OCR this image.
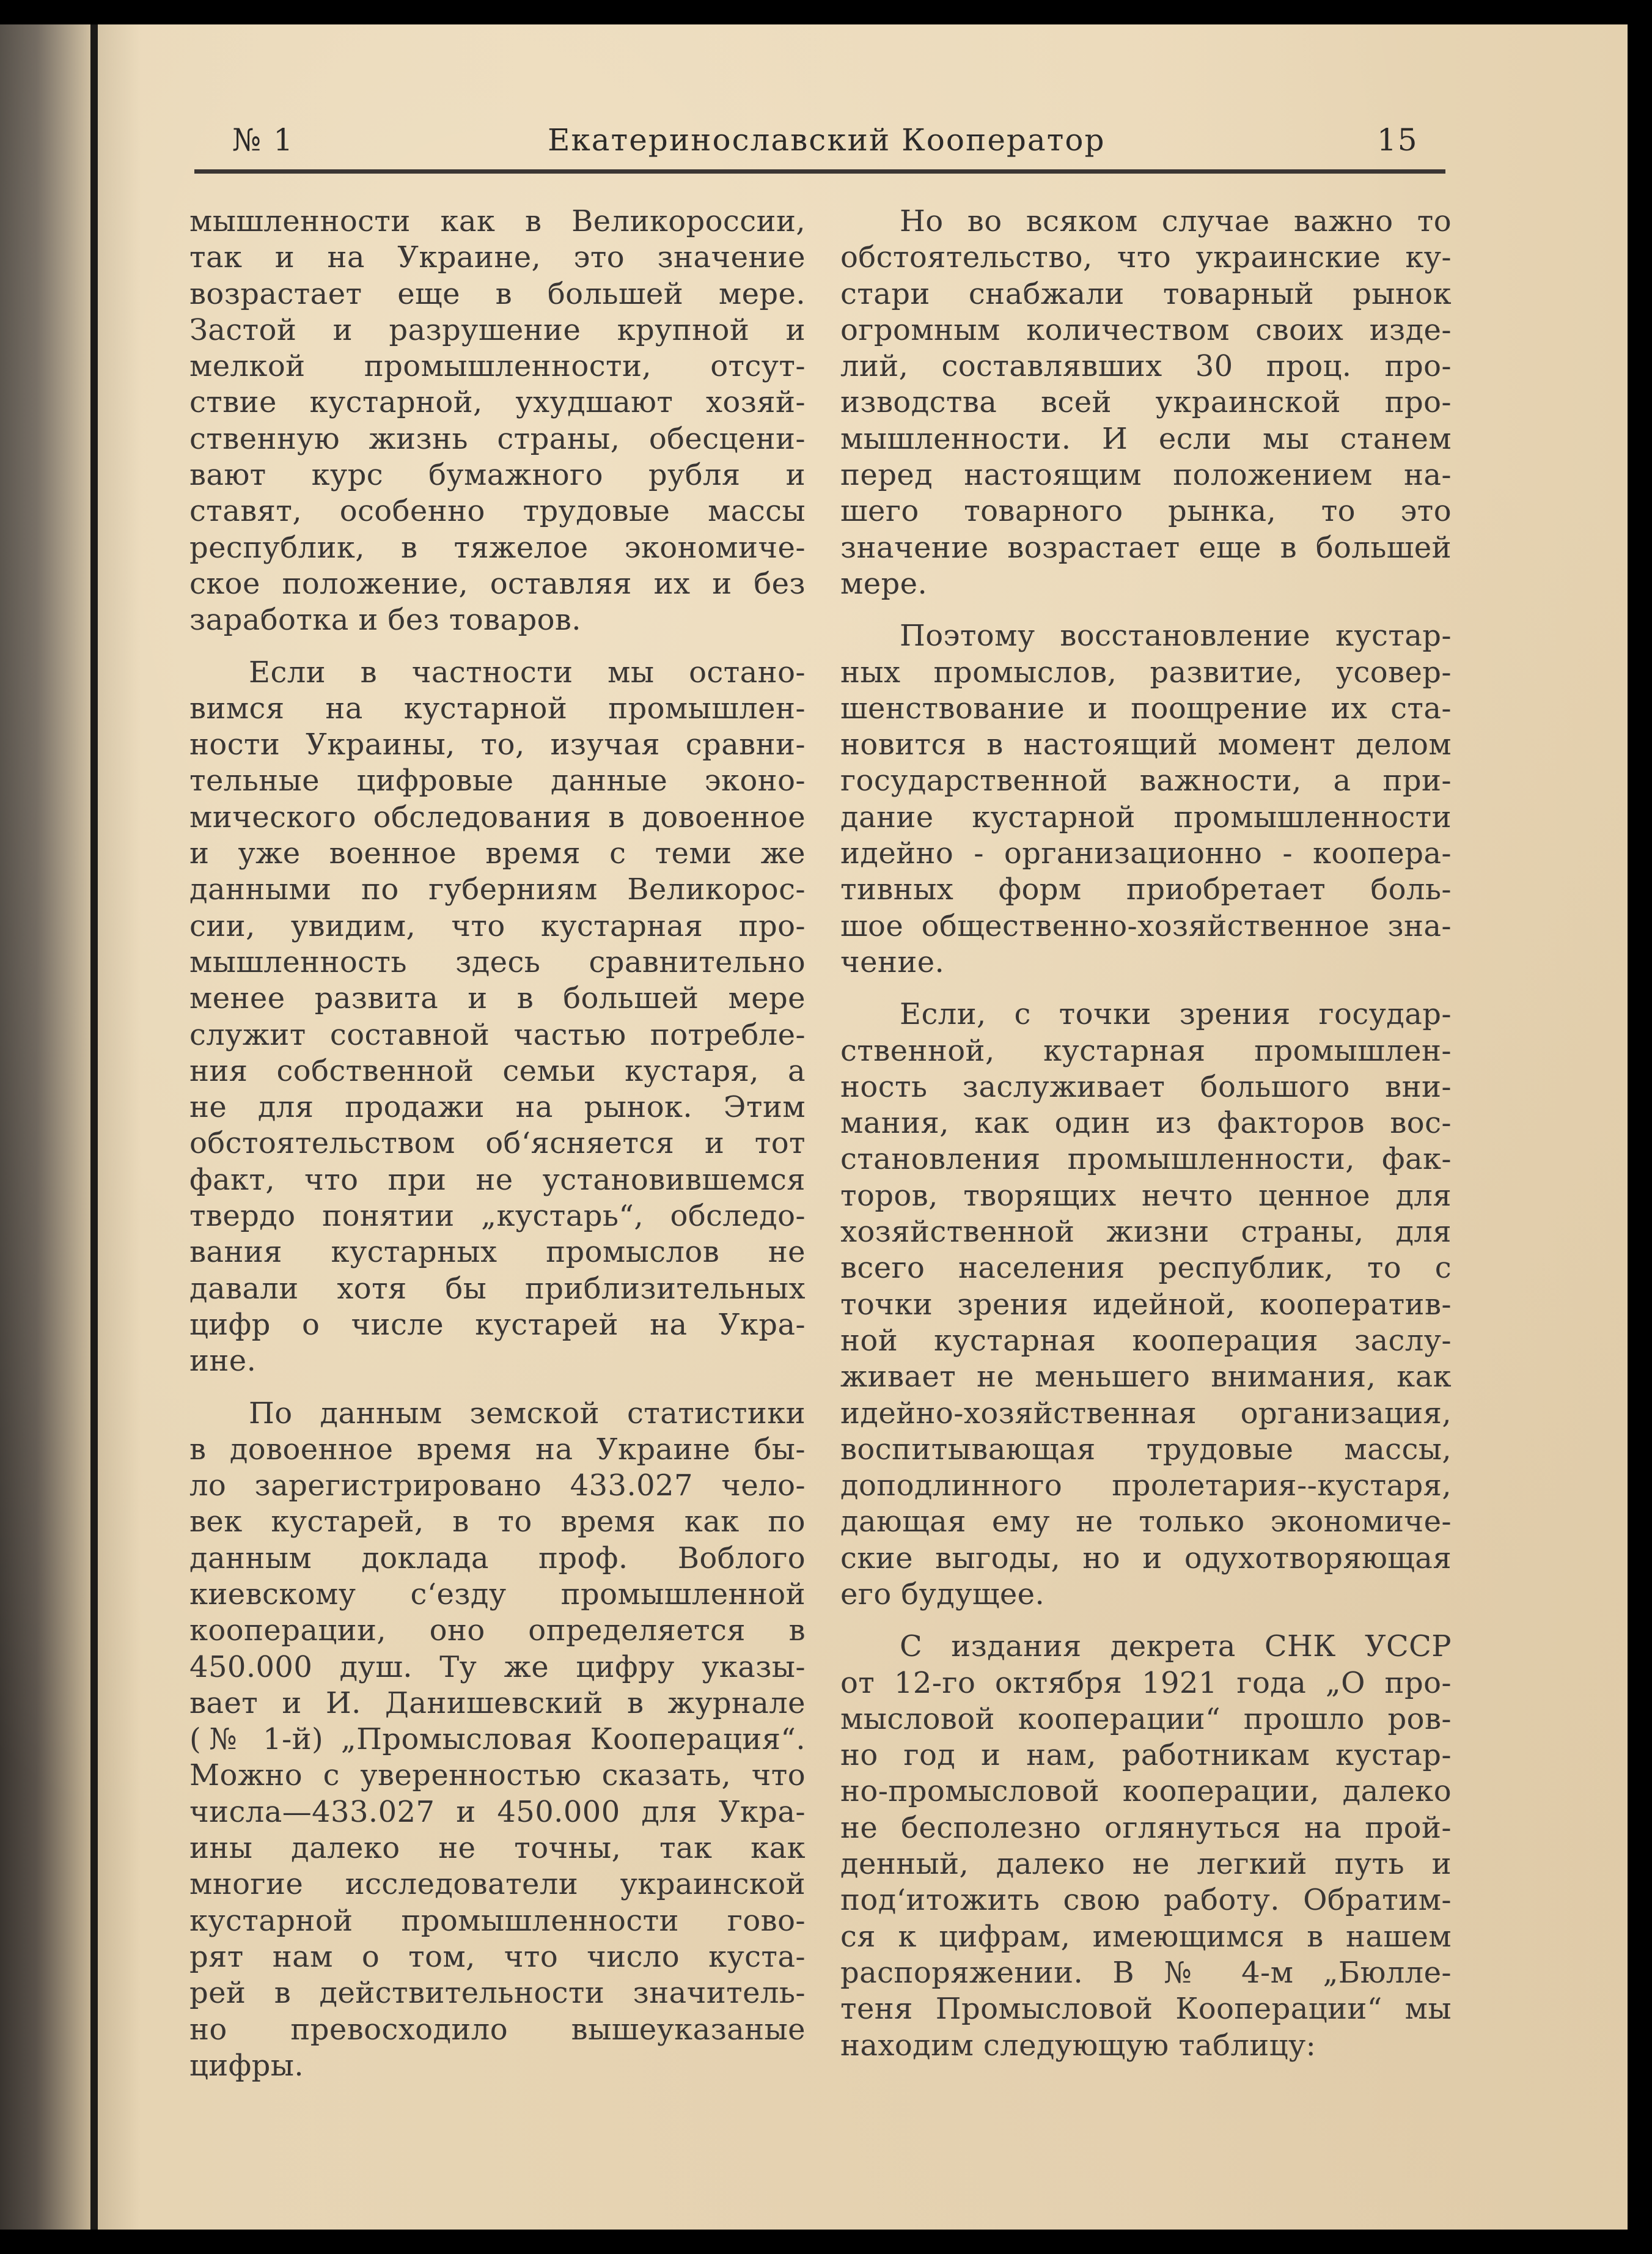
№ 1	Екатеринославский Кооператор	15
мышленности как в Великороссии,
так и на Украине, это значение
возрастает еще в большей мере.
Застой и разрушение крупной и
мелкой промышленности, отсут-
ствие кустарной, ухудшают хозяй-
ственную жизнь страны, обесцени-
вают курс бумажного рубля и
ставят, особенно трудовые массы
республик, в тяжелое экономиче-
ское положение, оставляя их и без
заработка и без товаров.
Если в частности мы остано-
вимся на кустарной промышлен-
ности Украины, то, изучая сравни-
тельные цифровые данные эконо-
мического обследования в довоенное
и уже военное время с теми же
данными по губерниям Великорос-
сии, увидим, что кустарная про-
мышленность здесь сравнительно
менее развита и в большей мере
служит составной частью потребле-
ния собственной семьи кустаря, а
не для продажи на рынок. Этим
обстоятельством об‘ясняется и тот
факт, что при не установившемся
твердо понятии „кустарь“, обследо-
вания кустарных промыслов не
давали хотя бы приблизительных
цифр о числе кустарей на Укра-
ине.
По данным земской статистики
в довоенное время на Украине бы-
ло зарегистрировано 433.027 чело-
век кустарей, в то время как по
данным доклада проф. Воблого
киевскому с‘езду промышленной
кооперации, оно определяется в
450.000 душ. Ту же цифру указы-
вает и И. Данишевский в журнале
(№ 1-й) „Промысловая Кооперация“.
Можно с уверенностью сказать, что
числа—433.027 и 450.000 для Укра-
ины далеко не точны, так как
многие исследователи украинской
кустарной промышленности гово-
рят нам о том, что число куста-
рей в действительности значитель-
но превосходило вышеуказаные
цифры.
Но во всяком случае важно то
обстоятельство, что украинские ку-
стари снабжали товарный рынок
огромным количеством своих изде-
лий, составлявших 30 проц. про-
изводства всей украинской про-
мышленности. И если мы станем
перед настоящим положением на-
шего товарного рынка, то это
значение возрастает еще в большей
мере.
Поэтому восстановление кустар-
ных промыслов, развитие, усовер-
шенствование и поощрение их ста-
новится в настоящий момент делом
государственной важности, а при-
дание кустарной промышленности
идейно - организационно - коопера-
тивных форм приобретает боль-
шое общественно-хозяйственное зна-
чение.
Если, с точки зрения государ-
ственной, кустарная промышлен-
ность заслуживает большого вни-
мания, как один из факторов вос-
становления промышленности, фак-
торов, творящих нечто ценное для
хозяйственной жизни страны, для
всего населения республик, то с
точки зрения идейной, кооператив-
ной кустарная кооперация заслу-
живает не меньшего внимания, как
идейно-хозяйственная организация,
воспитывающая трудовые массы,
доподлинного пролетария--кустаря,
дающая ему не только экономиче-
ские выгоды, но и одухотворяющая
его будущее.
С издания декрета СНК УССР
от 12-го октября 1921 года „О про-
мысловой кооперации“ прошло ров-
но год и нам, работникам кустар-
но-промысловой кооперации, далеко
не бесполезно оглянуться на прой-
денный, далеко не легкий путь и
под‘итожить свою работу. Обратим-
ся к цифрам, имеющимся в нашем
распоряжении. В № 4-м „Бюлле-
теня Промысловой Кооперации“ мы
находим следующую таблицу:
